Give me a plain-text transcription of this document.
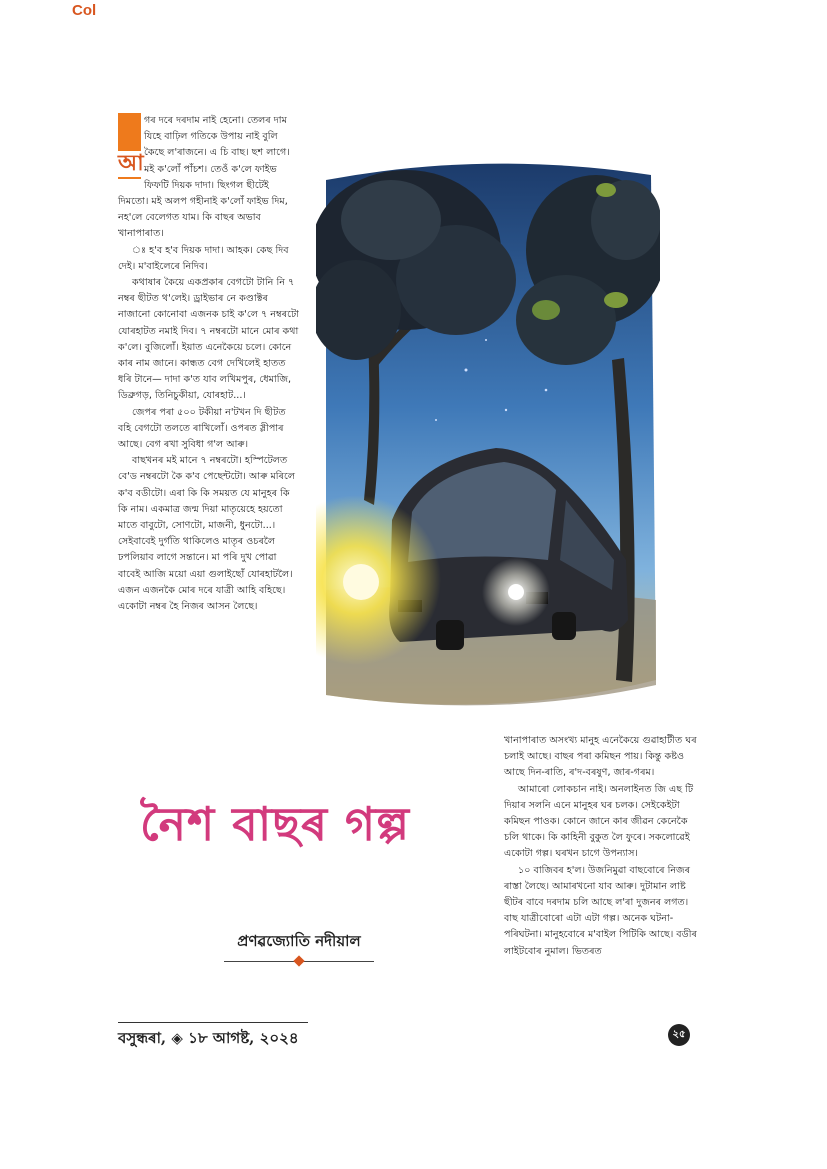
Col
আ

গৰ দৰে দৰদাম নাই হেনো। তেলৰ দাম যিহে বাঢ়িল গতিকে উপায় নাই বুলি কৈছে ল'ৰাজনে। এ চি বাছ। ছশ লাগে। মই ক'লোঁ পাঁচশ। তেওঁ ক'লে ফাইভ ফিফটি দিয়ক দাদা। ছিংগল ছীটেই দিমতো। মই অলপ গহীনাই ক'লোঁ ফাইভ দিম, নহ'লে বেলেগত যাম। কি বাছৰ অভাব খানাপাৰাত।

ঃ হ'ব হ'ব দিয়ক দাদা। আহক। কেছ দিব দেই। ম'বাইলেৰে নিদিব।

কথাষাৰ কৈয়ে একপ্ৰকাৰ বেগটো টানি নি ৭ নম্বৰ ছীটত থ'লেই। ড্ৰাইভাৰ নে কণ্ডাক্টৰ নাজানো কোনোবা এজনক চাই ক'লে ৭ নম্বৰটো যোৰহাটত নমাই দিব। ৭ নম্বৰটো মানে মোৰ কথা ক'লে। বুজিলোঁ। ইয়াত এনেকৈয়ে চলে। কোনে কাৰ নাম জানে। কান্ধত বেগ দেখিলেই হাতত ধৰি টানে— দাদা ক'ত যাব লখিমপুৰ, ধেমাজি, ডিব্ৰুগড়, তিনিচুকীয়া, যোৰহাট...।

জেপৰ পৰা ৫০০ টকীয়া ন'টখন দি ছীটত বহি বেগটো তলতে ৰাখিলোঁ। ওপৰত স্লীপাৰ আছে। বেগ ৰখা সুবিধা গ'ল আৰু।

বাছখনৰ মই মানে ৭ নম্বৰটো। হস্পিটেলত বে'ড নম্বৰটো কৈ ক'ব পেছেন্টটো। আৰু মৰিলে ক'ব বডীটো। এৰা কি কি সময়ত যে মানুহৰ কি কি নাম। একমাত্ৰ জন্ম দিয়া মাতৃয়েহে হয়তো মাতে বাবুটো, সোণটো, মাজনী, ধুনটো...। সেইবাবেই দুৰ্গতি থাকিলেও মাতৃৰ ওচৰলৈ ঢপলিয়াব লাগে সন্তানে। মা পৰি দুখ পোৱা বাবেই আজি ময়ো এয়া গুলাইছোঁ যোৰহাটলৈ। এজন এজনকৈ মোৰ দৰে যাত্ৰী আহি বহিছে। একোটা নম্বৰ হৈ নিজৰ আসন লৈছে।

খানাপাৰাত অসংখ্য মানুহ এনেকৈয়ে গুৱাহাটীত ঘৰ চলাই আছে। বাছৰ পৰা কমিছন পায়। কিন্তু কষ্টও আছে দিন-ৰাতি, ৰ'দ-বৰষুণ, জাৰ-গৰম।

আমাৰো লোকচান নাই। অনলাইনত জি এছ টি দিয়াৰ সলনি এনে মানুহৰ ঘৰ চলক। সেইকেইটা কমিছন পাওক। কোনে জানে কাৰ জীৱন কেনেকৈ চলি থাকে। কি কাহিনী বুকুত লৈ ফুৰে। সকলোৱেই একোটা গল্প। ঘৰখন চাগে উপন্যাস।

১০ বাজিবৰ হ'ল। উজনিমুৱা বাছবোৰে নিজৰ ৰাস্তা লৈছে। আমাৰখনো যাব আৰু। দুটামান লাষ্ট ছীটৰ বাবে দৰদাম চলি আছে ল'ৰা দুজনৰ লগত। বাছ যাত্ৰীবোৰো এটা এটা গল্প। অনেক ঘটনা-পৰিঘটনা। মানুহবোৰে ম'বাইল পিটিকি আছে। বডীৰ লাইটবোৰ নুমাল। ভিতৰত

নৈশ বাছৰ গল্প
প্ৰণৱজ্যোতি নদীয়াল
বসুন্ধৰা, ◈ ১৮ আগষ্ট, ২০২৪	২৫
